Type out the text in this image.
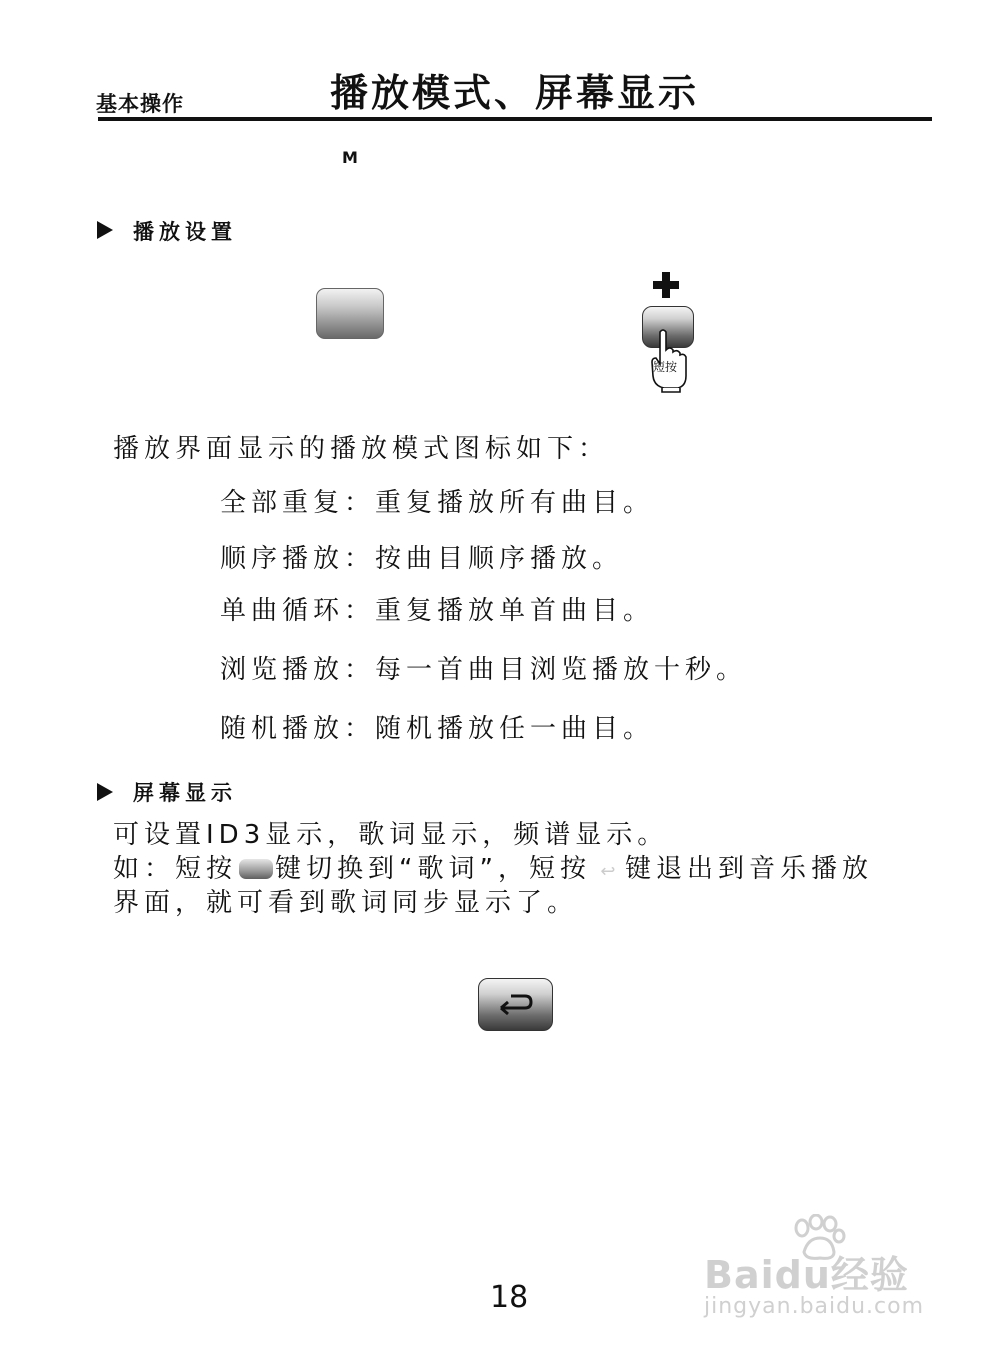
基本操作	播放模式、屏幕显示
M
播放设置
短按
播放界面显示的播放模式图标如下：
全部重复：重复播放所有曲目。
顺序播放：按曲目顺序播放。
单曲循环：重复播放单首曲目。
浏览播放：每一首曲目浏览播放十秒。
随机播放：随机播放任一曲目。
屏幕显示
可设置ID3显示，歌词显示，频谱显示。
如：短按 键切换到“歌词”，短按 ↩ 键退出到音乐播放
界面，就可看到歌词同步显示了。
18
Baidu经验
jingyan.baidu.com
